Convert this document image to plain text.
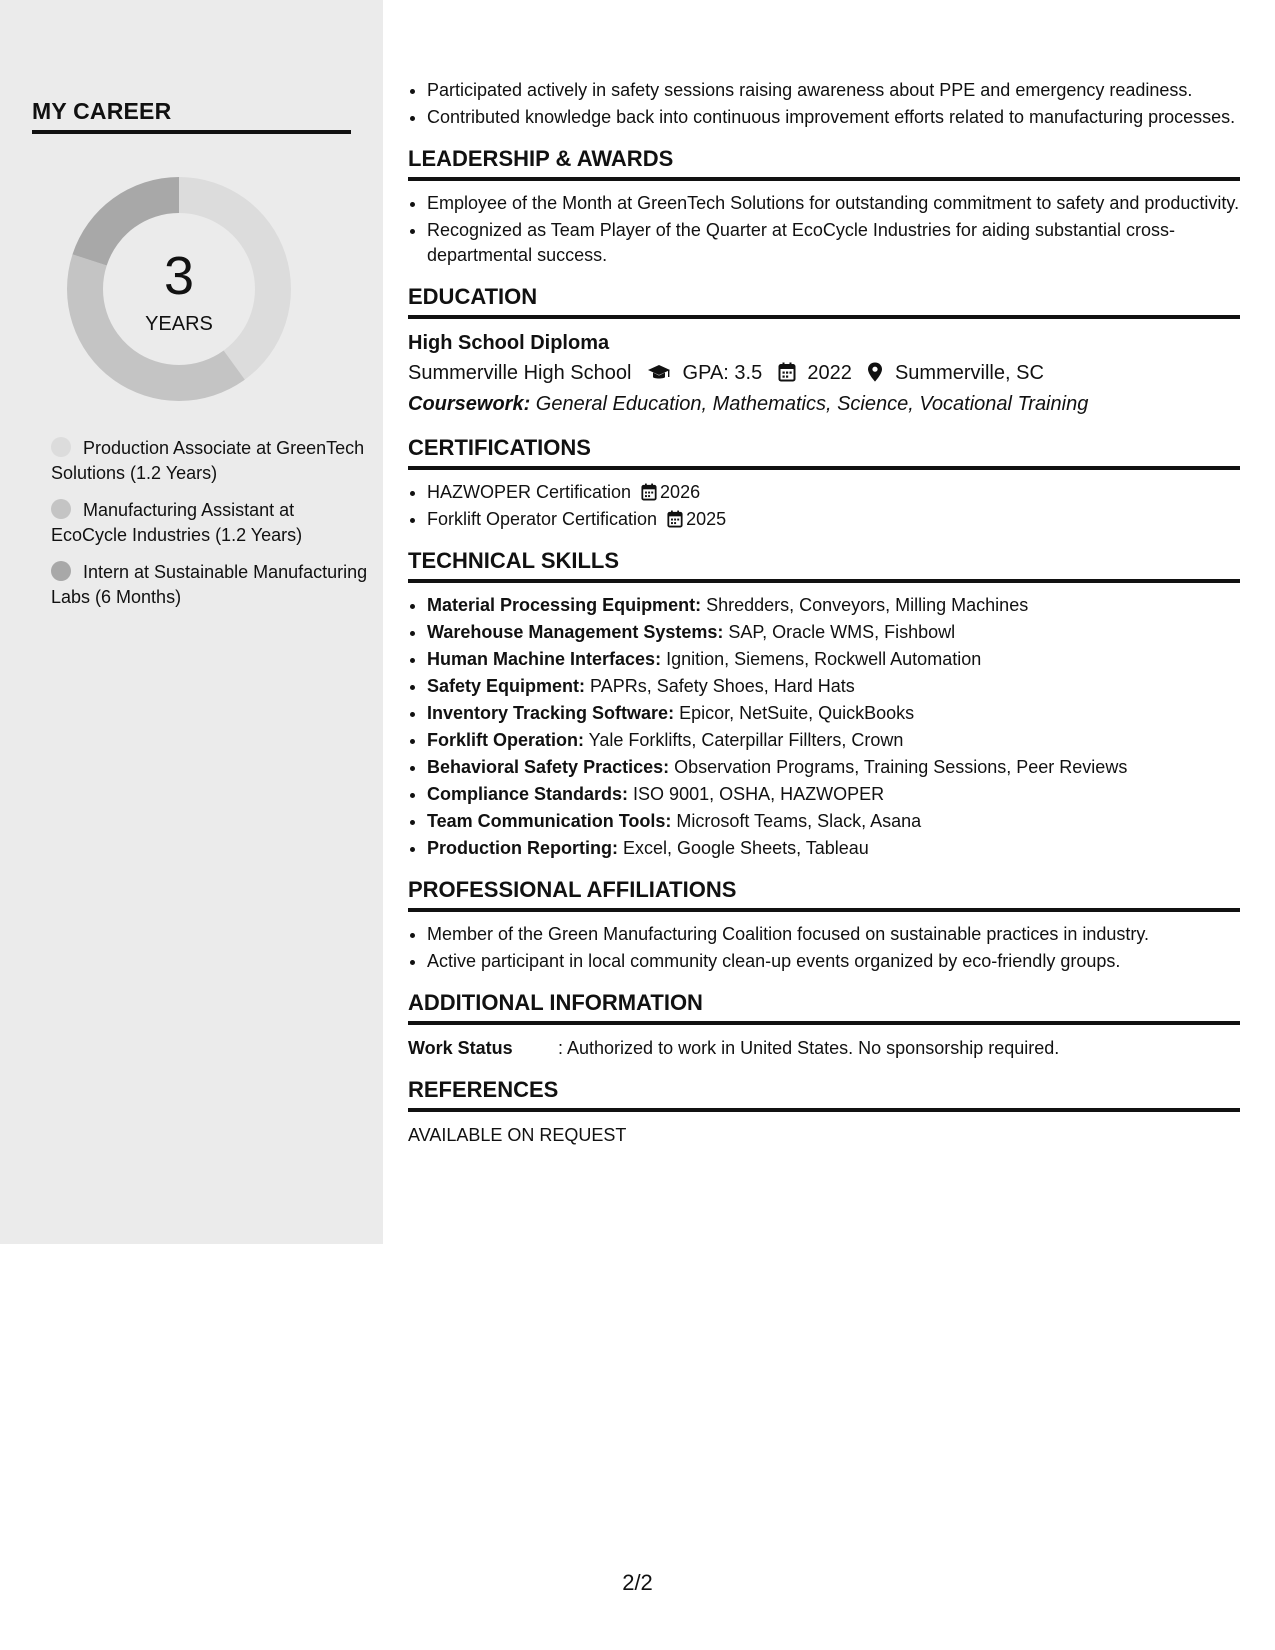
MY CAREER
3
YEARS
Production Associate at GreenTech Solutions (1.2 Years)
Manufacturing Assistant at EcoCycle Industries (1.2 Years)
Intern at Sustainable Manufacturing Labs (6 Months)
• Participated actively in safety sessions raising awareness about PPE and emergency readiness.
• Contributed knowledge back into continuous improvement efforts related to manufacturing processes.
LEADERSHIP & AWARDS
• Employee of the Month at GreenTech Solutions for outstanding commitment to safety and productivity.
• Recognized as Team Player of the Quarter at EcoCycle Industries for aiding substantial cross-departmental success.
EDUCATION
High School Diploma
Summerville High School	GPA: 3.5 2022 Summerville, SC
Coursework: General Education, Mathematics, Science, Vocational Training
CERTIFICATIONS
• HAZWOPER Certification 2026
• Forklift Operator Certification 2025
TECHNICAL SKILLS
• Material Processing Equipment: Shredders, Conveyors, Milling Machines
• Warehouse Management Systems: SAP, Oracle WMS, Fishbowl
• Human Machine Interfaces: Ignition, Siemens, Rockwell Automation
• Safety Equipment: PAPRs, Safety Shoes, Hard Hats
• Inventory Tracking Software: Epicor, NetSuite, QuickBooks
• Forklift Operation: Yale Forklifts, Caterpillar Fillters, Crown
• Behavioral Safety Practices: Observation Programs, Training Sessions, Peer Reviews
• Compliance Standards: ISO 9001, OSHA, HAZWOPER
• Team Communication Tools: Microsoft Teams, Slack, Asana
• Production Reporting: Excel, Google Sheets, Tableau
PROFESSIONAL AFFILIATIONS
• Member of the Green Manufacturing Coalition focused on sustainable practices in industry.
• Active participant in local community clean-up events organized by eco-friendly groups.
ADDITIONAL INFORMATION
Work Status	: Authorized to work in United States. No sponsorship required.
REFERENCES
AVAILABLE ON REQUEST
2/2
